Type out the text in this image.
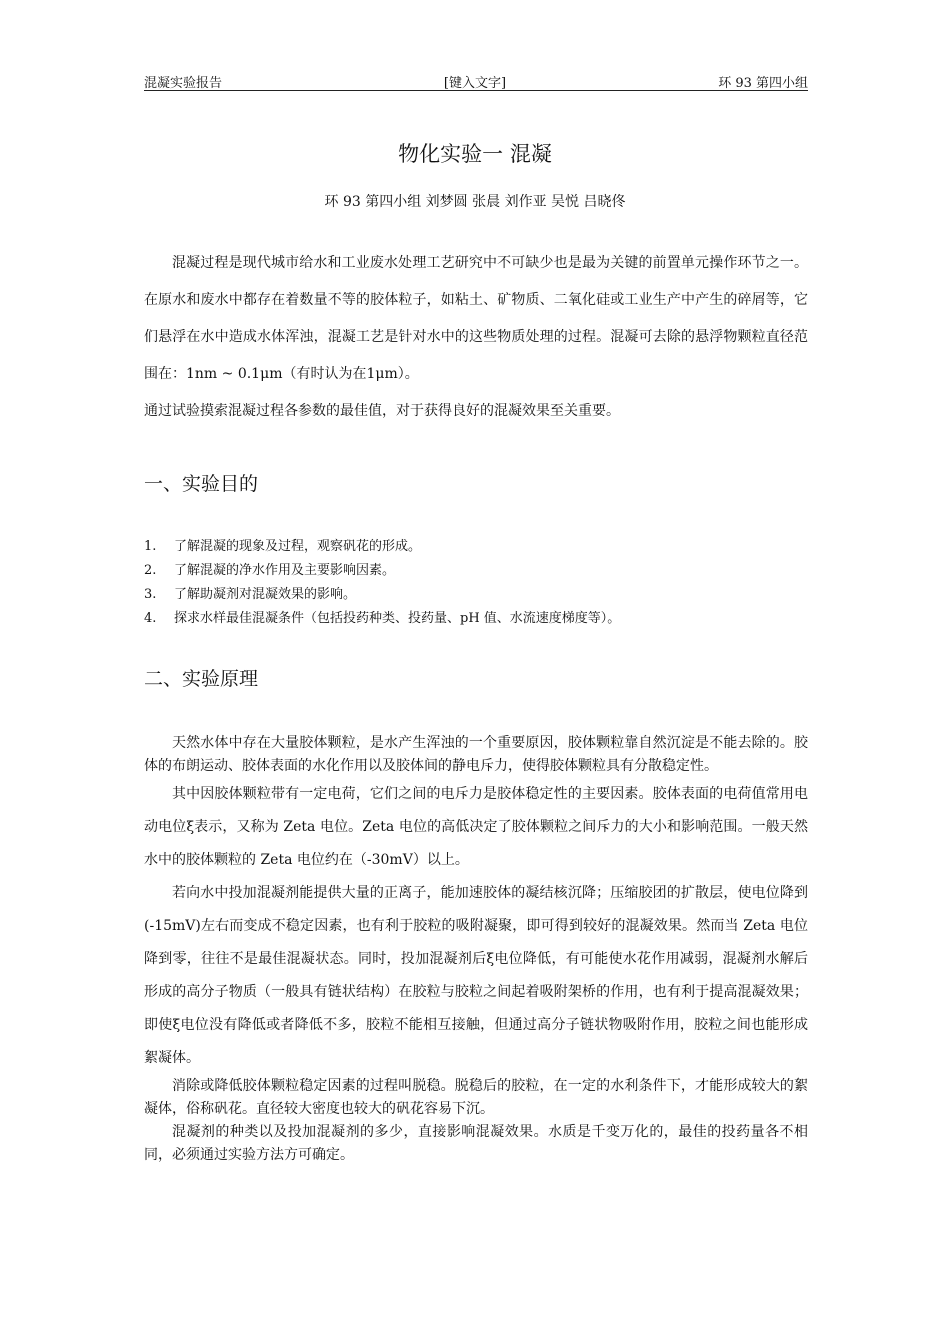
混凝实验报告	[键入文字]	环 93 第四小组
物化实验一 混凝
环 93 第四小组 刘梦圆 张晨 刘作亚 吴悦 吕晓佟

混凝过程是现代城市给水和工业废水处理工艺研究中不可缺少也是最为关键的前置单元操作环节之一。在原水和废水中都存在着数量不等的胶体粒子，如粘土、矿物质、二氧化硅或工业生产中产生的碎屑等，它们悬浮在水中造成水体浑浊，混凝工艺是针对水中的这些物质处理的过程。混凝可去除的悬浮物颗粒直径范围在：1nm ~ 0.1μm（有时认为在1μm）。

通过试验摸索混凝过程各参数的最佳值，对于获得良好的混凝效果至关重要。

一、实验目的
1. 了解混凝的现象及过程，观察矾花的形成。
2. 了解混凝的净水作用及主要影响因素。
3. 了解助凝剂对混凝效果的影响。
4. 探求水样最佳混凝条件（包括投药种类、投药量、pH 值、水流速度梯度等）。
二、实验原理

天然水体中存在大量胶体颗粒，是水产生浑浊的一个重要原因，胶体颗粒靠自然沉淀是不能去除的。胶体的布朗运动、胶体表面的水化作用以及胶体间的静电斥力，使得胶体颗粒具有分散稳定性。

其中因胶体颗粒带有一定电荷，它们之间的电斥力是胶体稳定性的主要因素。胶体表面的电荷值常用电动电位ξ表示，又称为 Zeta 电位。Zeta 电位的高低决定了胶体颗粒之间斥力的大小和影响范围。一般天然水中的胶体颗粒的 Zeta 电位约在（-30mV）以上。

若向水中投加混凝剂能提供大量的正离子，能加速胶体的凝结核沉降；压缩胶团的扩散层，使电位降到(-15mV)左右而变成不稳定因素，也有利于胶粒的吸附凝聚，即可得到较好的混凝效果。然而当 Zeta 电位降到零，往往不是最佳混凝状态。同时，投加混凝剂后ξ电位降低，有可能使水花作用减弱，混凝剂水解后形成的高分子物质（一般具有链状结构）在胶粒与胶粒之间起着吸附架桥的作用，也有利于提高混凝效果；即使ξ电位没有降低或者降低不多，胶粒不能相互接触，但通过高分子链状物吸附作用，胶粒之间也能形成絮凝体。

消除或降低胶体颗粒稳定因素的过程叫脱稳。脱稳后的胶粒，在一定的水利条件下，才能形成较大的絮凝体，俗称矾花。直径较大密度也较大的矾花容易下沉。

混凝剂的种类以及投加混凝剂的多少，直接影响混凝效果。水质是千变万化的，最佳的投药量各不相同，必须通过实验方法方可确定。
